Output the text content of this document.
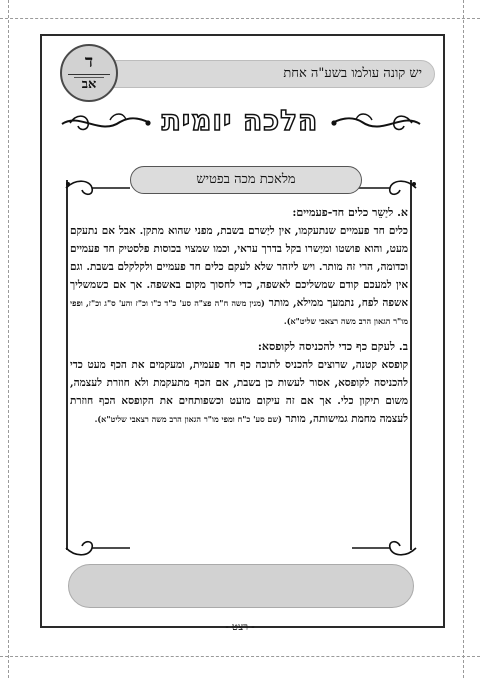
יש קונה עולמו בשע"ה אחת
ד
אב
הלכה יומית
מלאכת מכה בפטיש
א. ליַשֵר כלים חד-פעמיים:
כלים חד פעמיים שנתעקמו, אין ליַשרם בשבת, מפני שהוא מתקן. אבל אם נתעקם מעט, והוא פושטו ומיַשרו בקל בדרך עראי, וכמו שמצוי בכוסות פלסטיק חד פעמיים וכדומה, הרי זה מותר. ויש ליזהר שלא לעקם כלים חד פעמיים ולקלקלם בשבת. וגם אין למעכם קודם שמשליכם לאשפה, כדי לחסוך מקום באשפה. אך אם כשמשליך אשפה לפח, נתמעך ממילא, מותר (מנין משה ח"ה פצ"ה סע' כ"ד כ"ו וכ"ז והע' ס"ג וכ"ז, ופפי מו"ר הגאון הרב משה רצאבי שליט"א).
ב. לעקם כף כדי להכניסה לקופסא:
קופסא קטנה, שרוצים להכניס לתוכה כף חד פעמית, ומעקמים את הכף מעט כדי להכניסה לקופסא, אסור לעשות כן בשבת, אם הכף מתעקמת ולא חוזרת לעצמה, משום תיקון כלי. אך אם זה עיקום מועט וכשפותחים את הקופסא הכף חוזרת לעצמה מחמת גמישותה, מותר (שם סע' כ"ח ומפי מו"ר הגאון הרב משה רצאבי שליט"א).
- רצט -
